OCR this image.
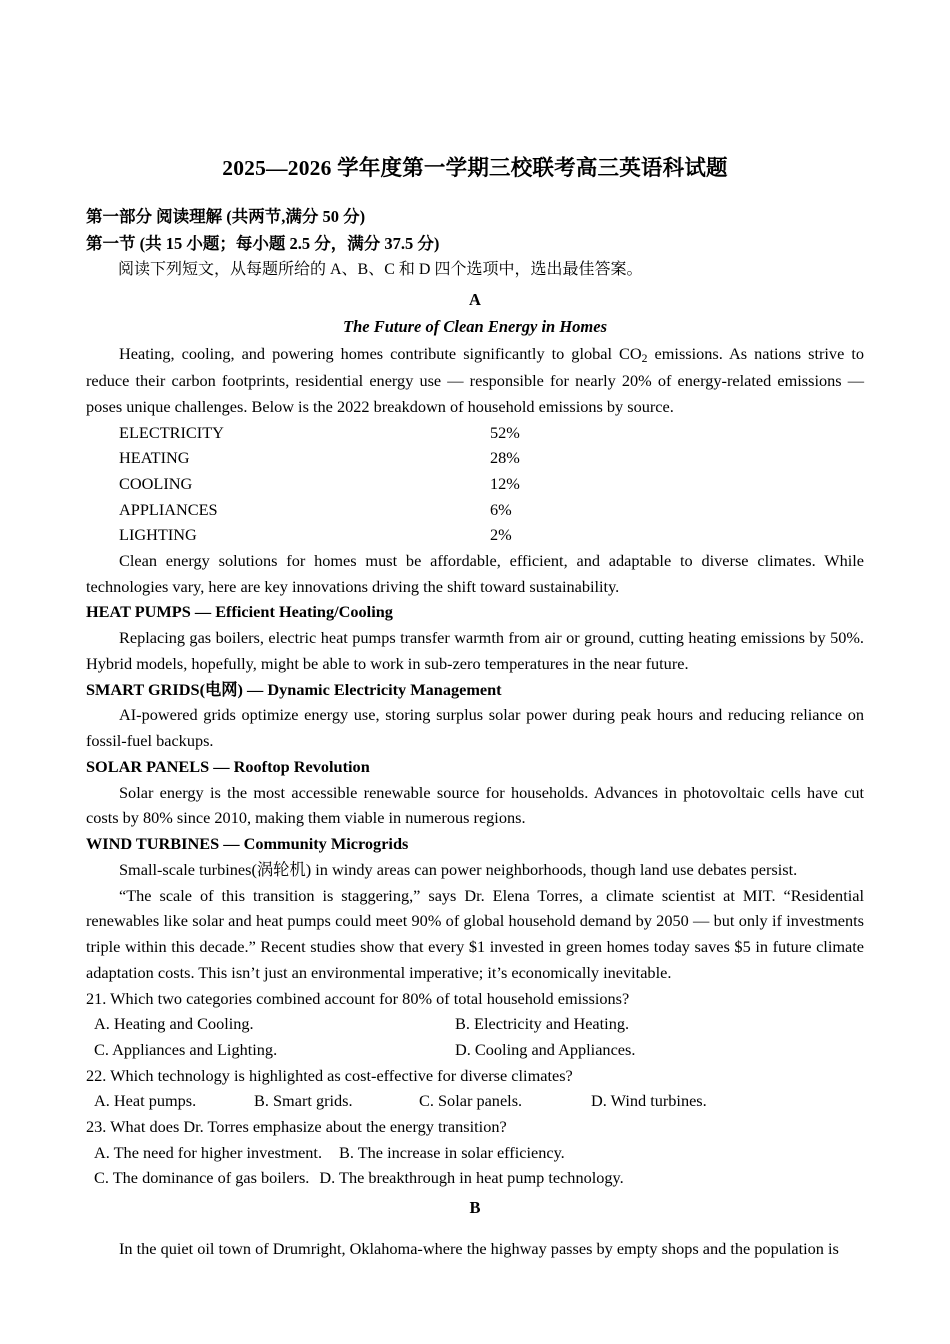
2025—2026 学年度第一学期三校联考高三英语科试题
第一部分 阅读理解 (共两节,满分 50 分)
第一节 (共 15 小题；每小题 2.5 分，满分 37.5 分)
阅读下列短文，从每题所给的 A、B、C 和 D 四个选项中，选出最佳答案。
A
The Future of Clean Energy in Homes

Heating, cooling, and powering homes contribute significantly to global $CO_2$ emissions. As nations strive to reduce their carbon footprints, residential energy use — responsible for nearly 20% of energy-related emissions — poses unique challenges. Below is the 2022 breakdown of household emissions by source.

ELECTRICITY	52%
HEATING	28%
COOLING	12%
APPLIANCES	6%
LIGHTING	2%

Clean energy solutions for homes must be affordable, efficient, and adaptable to diverse climates. While technologies vary, here are key innovations driving the shift toward sustainability.

HEAT PUMPS — Efficient Heating/Cooling

Replacing gas boilers, electric heat pumps transfer warmth from air or ground, cutting heating emissions by 50%. Hybrid models, hopefully, might be able to work in sub-zero temperatures in the near future.

SMART GRIDS(电网) — Dynamic Electricity Management

AI-powered grids optimize energy use, storing surplus solar power during peak hours and reducing reliance on fossil-fuel backups.

SOLAR PANELS — Rooftop Revolution

Solar energy is the most accessible renewable source for households. Advances in photovoltaic cells have cut costs by 80% since 2010, making them viable in numerous regions.

WIND TURBINES — Community Microgrids

Small-scale turbines(涡轮机) in windy areas can power neighborhoods, though land use debates persist.

“The scale of this transition is staggering,” says Dr. Elena Torres, a climate scientist at MIT. “Residential renewables like solar and heat pumps could meet 90% of global household demand by 2050 — but only if investments triple within this decade.” Recent studies show that every $1 invested in green homes today saves $5 in future climate adaptation costs. This isn’t just an environmental imperative; it’s economically inevitable.

21. Which two categories combined account for 80% of total household emissions?
A. Heating and Cooling.	B. Electricity and Heating.
C. Appliances and Lighting.	D. Cooling and Appliances.
22. Which technology is highlighted as cost-effective for diverse climates?
A. Heat pumps.	B. Smart grids.	C. Solar panels.	D. Wind turbines.
23. What does Dr. Torres emphasize about the energy transition?
A. The need for higher investment. B. The increase in solar efficiency.
C. The dominance of gas boilers. D. The breakthrough in heat pump technology.
B

In the quiet oil town of Drumright, Oklahoma-where the highway passes by empty shops and the population is
